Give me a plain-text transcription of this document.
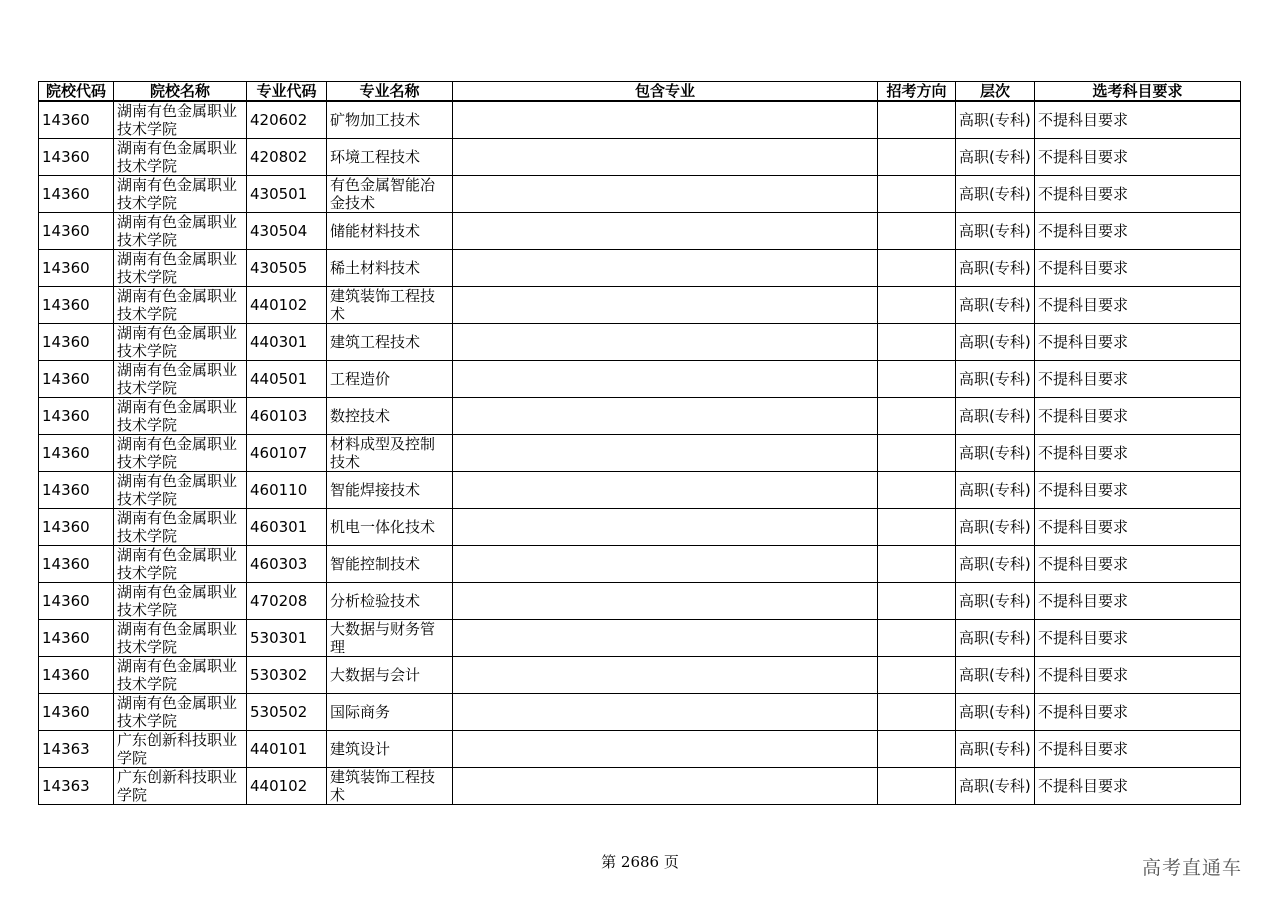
院校代码	院校名称	专业代码	专业名称	包含专业	招考方向	层次	选考科目要求
14360	湖南有色金属职业技术学院	420602	矿物加工技术			高职(专科)	不提科目要求
14360	湖南有色金属职业技术学院	420802	环境工程技术			高职(专科)	不提科目要求
14360	湖南有色金属职业技术学院	430501	有色金属智能冶金技术			高职(专科)	不提科目要求
14360	湖南有色金属职业技术学院	430504	储能材料技术			高职(专科)	不提科目要求
14360	湖南有色金属职业技术学院	430505	稀土材料技术			高职(专科)	不提科目要求
14360	湖南有色金属职业技术学院	440102	建筑装饰工程技术			高职(专科)	不提科目要求
14360	湖南有色金属职业技术学院	440301	建筑工程技术			高职(专科)	不提科目要求
14360	湖南有色金属职业技术学院	440501	工程造价			高职(专科)	不提科目要求
14360	湖南有色金属职业技术学院	460103	数控技术			高职(专科)	不提科目要求
14360	湖南有色金属职业技术学院	460107	材料成型及控制技术			高职(专科)	不提科目要求
14360	湖南有色金属职业技术学院	460110	智能焊接技术			高职(专科)	不提科目要求
14360	湖南有色金属职业技术学院	460301	机电一体化技术			高职(专科)	不提科目要求
14360	湖南有色金属职业技术学院	460303	智能控制技术			高职(专科)	不提科目要求
14360	湖南有色金属职业技术学院	470208	分析检验技术			高职(专科)	不提科目要求
14360	湖南有色金属职业技术学院	530301	大数据与财务管理			高职(专科)	不提科目要求
14360	湖南有色金属职业技术学院	530302	大数据与会计			高职(专科)	不提科目要求
14360	湖南有色金属职业技术学院	530502	国际商务			高职(专科)	不提科目要求
14363	广东创新科技职业学院	440101	建筑设计			高职(专科)	不提科目要求
14363	广东创新科技职业学院	440102	建筑装饰工程技术			高职(专科)	不提科目要求
第 2686 页	高考直通车
